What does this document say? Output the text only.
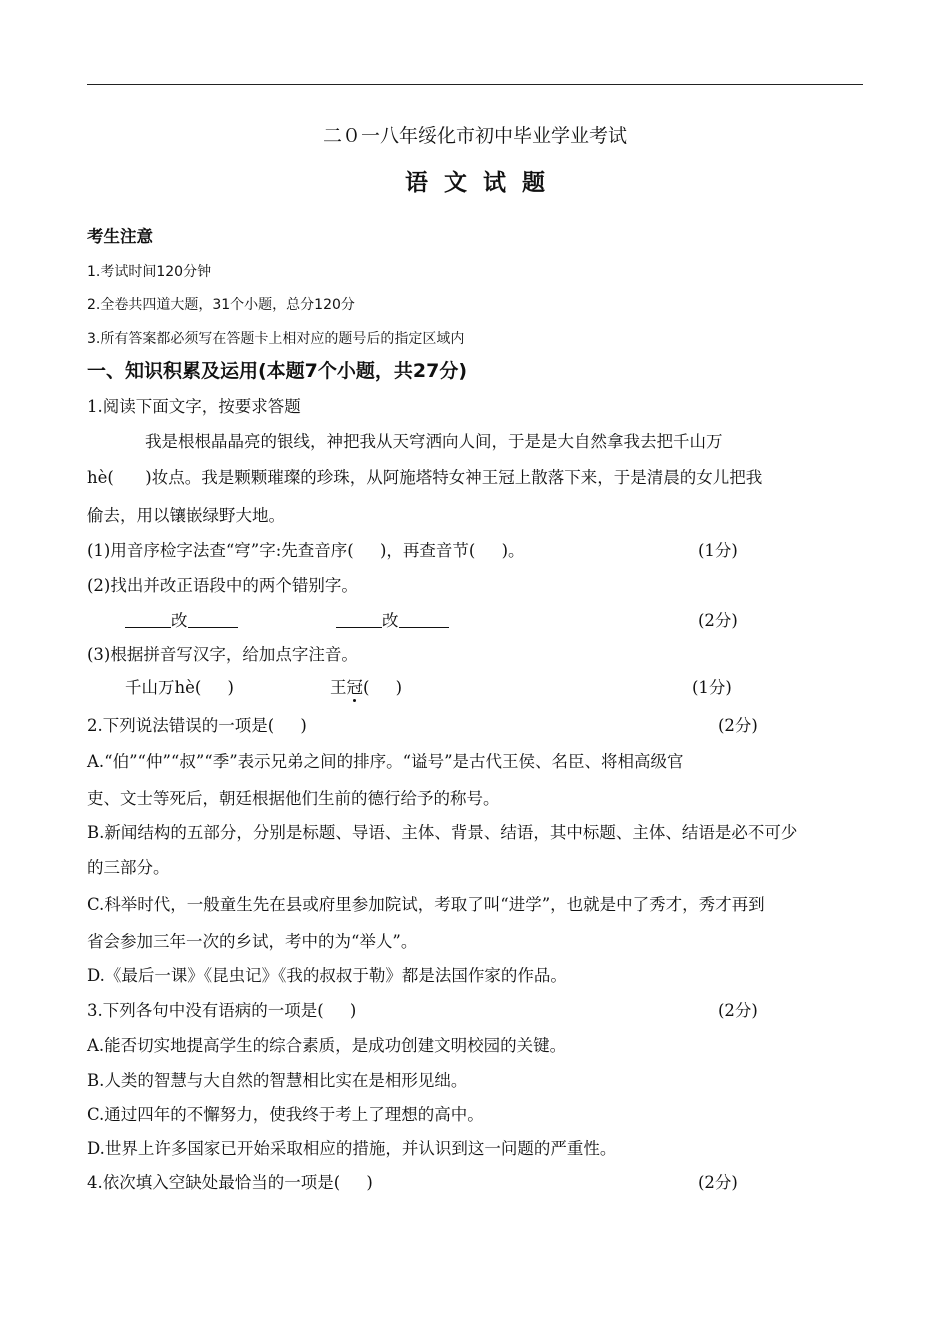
二０一八年绥化市初中毕业学业考试
语  文  试  题
考生注意
1.考试时间120分钟
2.全卷共四道大题，31个小题，总分120分
3.所有答案都必须写在答题卡上相对应的题号后的指定区域内
一、知识积累及运用(本题7个小题，共27分)
1.阅读下面文字，按要求答题
我是根根晶晶亮的银线，神把我从天穹洒向人间，于是是大自然拿我去把千山万
hè(      )妆点。我是颗颗璀璨的珍珠，从阿施塔特女神王冠上散落下来，于是清晨的女儿把我
偷去，用以镶嵌绿野大地。
(1)用音序检字法查“穹”字:先查音序(     )，再查音节(     )。	(1分)
(2)找出并改正语段中的两个错别字。
改	改	(2分)
(3)根据拼音写汉字，给加点字注音。
千山万hè(     )	王冠(     )	(1分)
2.下列说法错误的一项是(     )	(2分)
A.“伯”“仲”“叔”“季”表示兄弟之间的排序。“谥号”是古代王侯、名臣、将相高级官
吏、文士等死后，朝廷根据他们生前的德行给予的称号。
B.新闻结构的五部分，分别是标题、导语、主体、背景、结语，其中标题、主体、结语是必不可少
的三部分。
C.科举时代，一般童生先在县或府里参加院试，考取了叫“进学”，也就是中了秀才，秀才再到
省会参加三年一次的乡试，考中的为“举人”。
D.《最后一课》《昆虫记》《我的叔叔于勒》都是法国作家的作品。
3.下列各句中没有语病的一项是(     )	(2分)
A.能否切实地提高学生的综合素质，是成功创建文明校园的关键。
B.人类的智慧与大自然的智慧相比实在是相形见绌。
C.通过四年的不懈努力，使我终于考上了理想的高中。
D.世界上许多国家已开始采取相应的措施，并认识到这一问题的严重性。
4.依次填入空缺处最恰当的一项是(     )	(2分)
